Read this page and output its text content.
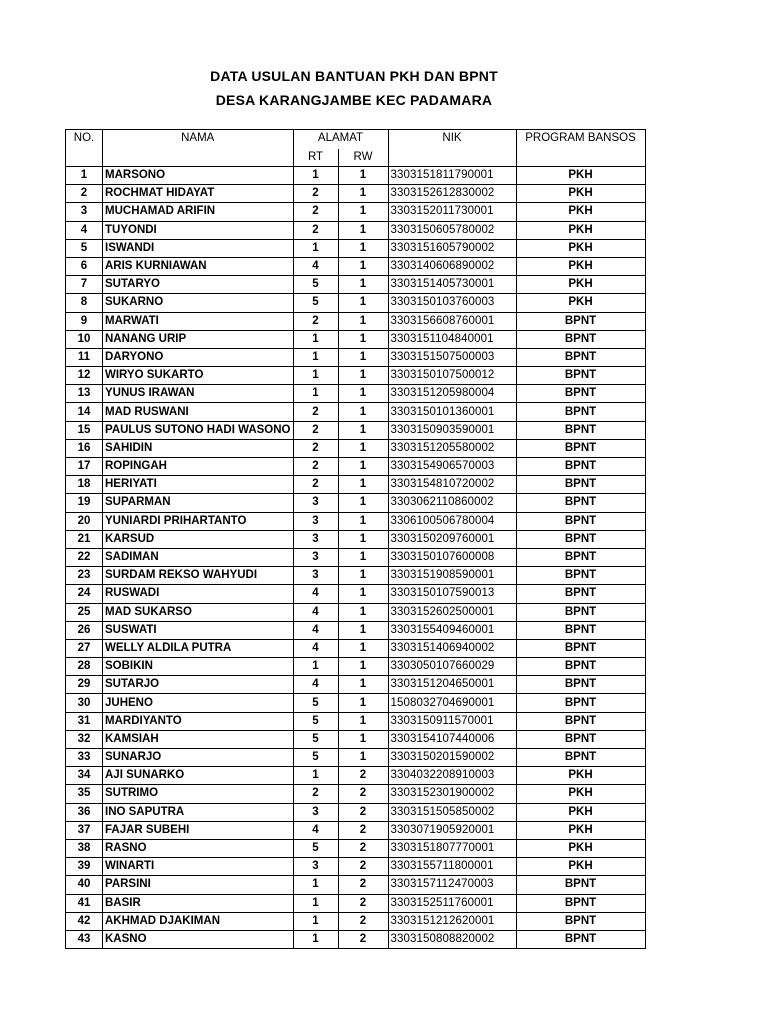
DATA USULAN BANTUAN PKH DAN BPNT
DESA KARANGJAMBE KEC PADAMARA
NO.	NAMA	ALAMAT		NIK	PROGRAM BANSOS
		RT	RW		
1	MARSONO	1	1	3303151811790001	PKH
2	ROCHMAT HIDAYAT	2	1	3303152612830002	PKH
3	MUCHAMAD ARIFIN	2	1	3303152011730001	PKH
4	TUYONDI	2	1	3303150605780002	PKH
5	ISWANDI	1	1	3303151605790002	PKH
6	ARIS KURNIAWAN	4	1	3303140606890002	PKH
7	SUTARYO	5	1	3303151405730001	PKH
8	SUKARNO	5	1	3303150103760003	PKH
9	MARWATI	2	1	3303156608760001	BPNT
10	NANANG URIP	1	1	3303151104840001	BPNT
11	DARYONO	1	1	3303151507500003	BPNT
12	WIRYO SUKARTO	1	1	3303150107500012	BPNT
13	YUNUS IRAWAN	1	1	3303151205980004	BPNT
14	MAD RUSWANI	2	1	3303150101360001	BPNT
15	PAULUS SUTONO HADI WASONO	2	1	3303150903590001	BPNT
16	SAHIDIN	2	1	3303151205580002	BPNT
17	ROPINGAH	2	1	3303154906570003	BPNT
18	HERIYATI	2	1	3303154810720002	BPNT
19	SUPARMAN	3	1	3303062110860002	BPNT
20	YUNIARDI PRIHARTANTO	3	1	3306100506780004	BPNT
21	KARSUD	3	1	3303150209760001	BPNT
22	SADIMAN	3	1	3303150107600008	BPNT
23	SURDAM REKSO WAHYUDI	3	1	3303151908590001	BPNT
24	RUSWADI	4	1	3303150107590013	BPNT
25	MAD SUKARSO	4	1	3303152602500001	BPNT
26	SUSWATI	4	1	3303155409460001	BPNT
27	WELLY ALDILA PUTRA	4	1	3303151406940002	BPNT
28	SOBIKIN	1	1	3303050107660029	BPNT
29	SUTARJO	4	1	3303151204650001	BPNT
30	JUHENO	5	1	1508032704690001	BPNT
31	MARDIYANTO	5	1	3303150911570001	BPNT
32	KAMSIAH	5	1	3303154107440006	BPNT
33	SUNARJO	5	1	3303150201590002	BPNT
34	AJI SUNARKO	1	2	3304032208910003	PKH
35	SUTRIMO	2	2	3303152301900002	PKH
36	INO SAPUTRA	3	2	3303151505850002	PKH
37	FAJAR SUBEHI	4	2	3303071905920001	PKH
38	RASNO	5	2	3303151807770001	PKH
39	WINARTI	3	2	3303155711800001	PKH
40	PARSINI	1	2	3303157112470003	BPNT
41	BASIR	1	2	3303152511760001	BPNT
42	AKHMAD DJAKIMAN	1	2	3303151212620001	BPNT
43	KASNO	1	2	3303150808820002	BPNT
